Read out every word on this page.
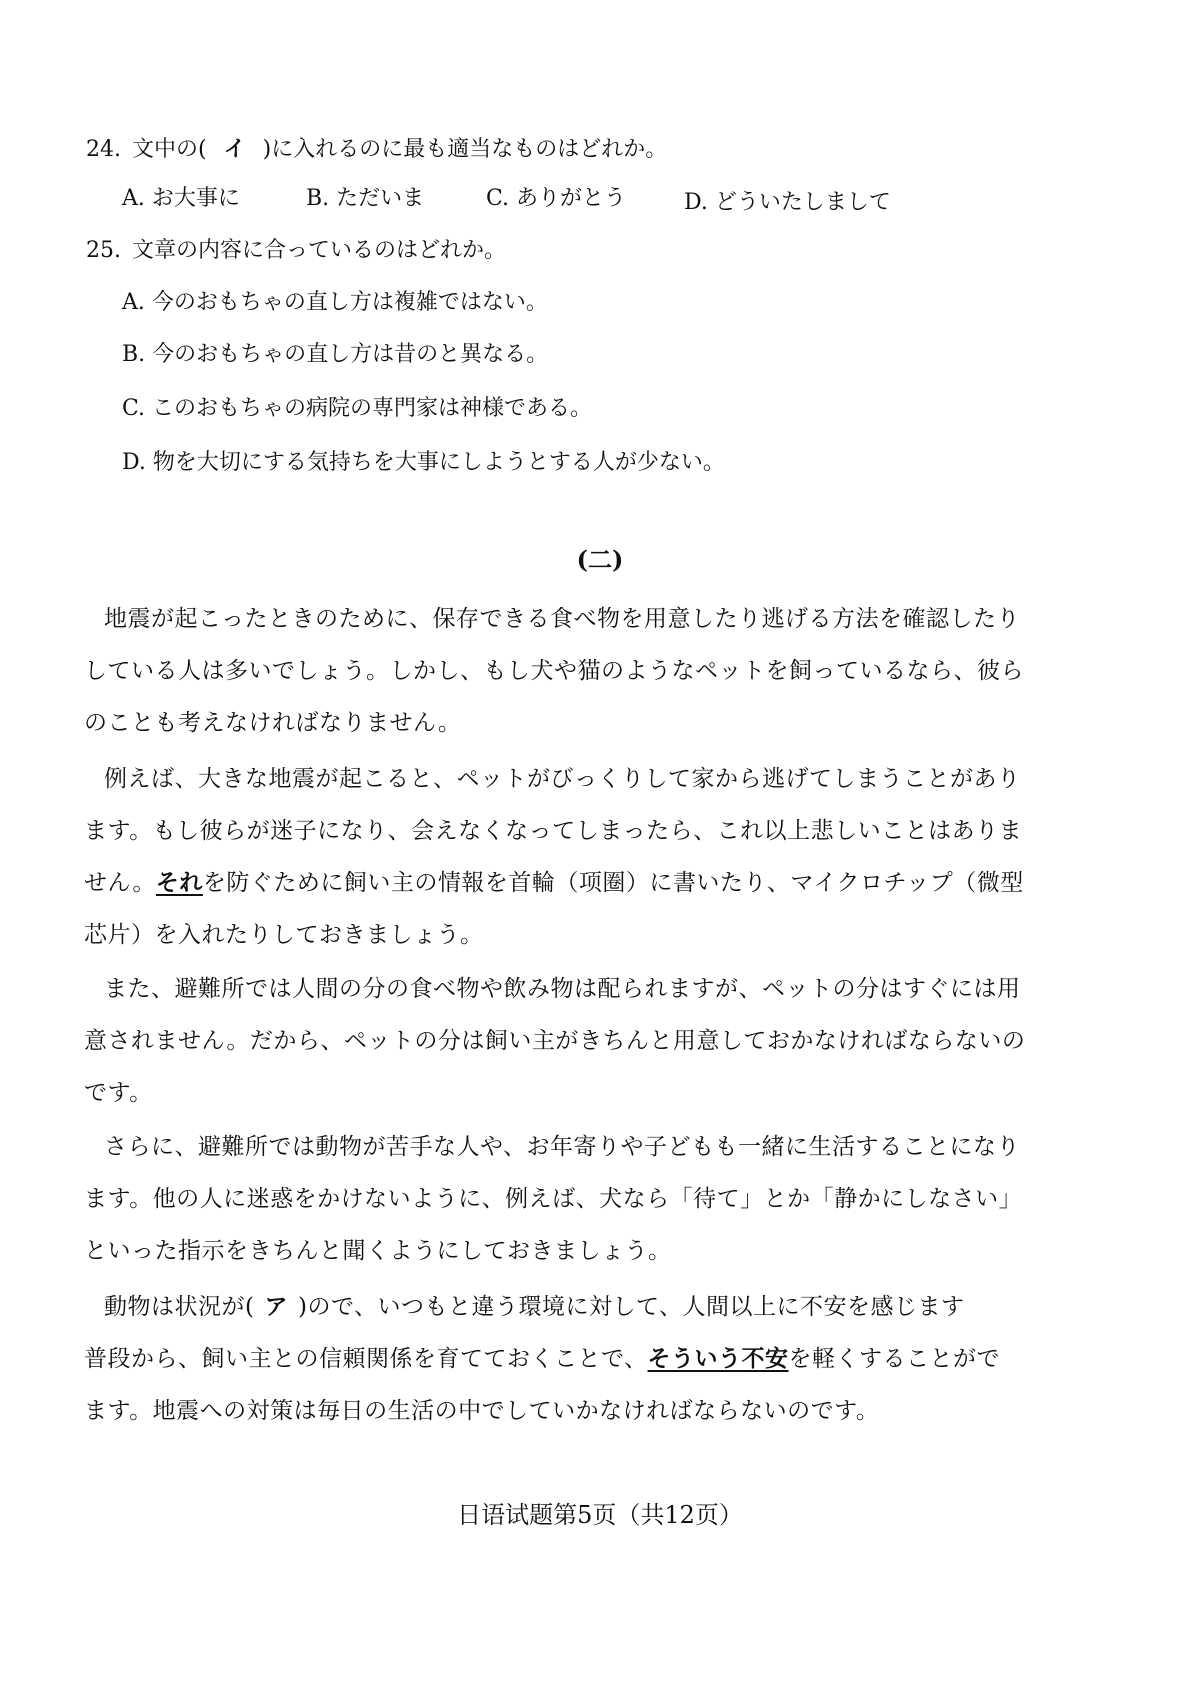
24. 文中の( イ )に入れるのに最も適当なものはどれか。
A. お大事に	B. ただいま	C. ありがとう	D. どういたしまして
25. 文章の内容に合っているのはどれか。
A. 今のおもちゃの直し方は複雑ではない。
B. 今のおもちゃの直し方は昔のと異なる。
C. このおもちゃの病院の専門家は神様である。
D. 物を大切にする気持ちを大事にしようとする人が少ない。
(二)
地震が起こったときのために、保存できる食べ物を用意したり逃げる方法を確認したり
している人は多いでしょう。しかし、もし犬や猫のようなペットを飼っているなら、彼ら
のことも考えなければなりません。
例えば、大きな地震が起こると、ペットがびっくりして家から逃げてしまうことがあり
ます。もし彼らが迷子になり、会えなくなってしまったら、これ以上悲しいことはありま
せん。それを防ぐために飼い主の情報を首輪（项圈）に書いたり、マイクロチップ（微型
芯片）を入れたりしておきましょう。
また、避難所では人間の分の食べ物や飲み物は配られますが、ペットの分はすぐには用
意されません。だから、ペットの分は飼い主がきちんと用意しておかなければならないの
です。
さらに、避難所では動物が苦手な人や、お年寄りや子どもも一緒に生活することになり
ます。他の人に迷惑をかけないように、例えば、犬なら「待て」とか「静かにしなさい」
といった指示をきちんと聞くようにしておきましょう。
動物は状況が( ア )ので、いつもと違う環境に対して、人間以上に不安を感じます
普段から、飼い主との信頼関係を育てておくことで、そういう不安を軽くすることがで
ます。地震への対策は毎日の生活の中でしていかなければならないのです。
日语试题第5页（共12页）
